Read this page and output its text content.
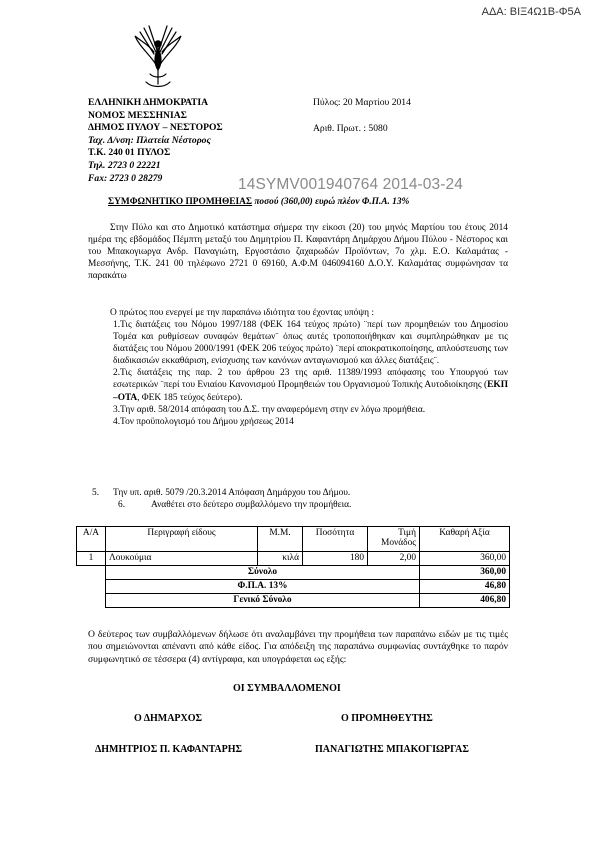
ΑΔΑ: ΒΙΞ4Ω1Β-Φ5Α
ΕΛΛΗΝΙΚΗ ΔΗΜΟΚΡΑΤΙΑ
ΝΟΜΟΣ ΜΕΣΣΗΝΙΑΣ
ΔΗΜΟΣ ΠΥΛΟΥ – ΝΕΣΤΟΡΟΣ
Ταχ. Δ/νση: Πλατεία Νέστορος
Τ.Κ. 240 01 ΠΥΛΟΣ
Τηλ. 2723 0 22221
Fax: 2723 0 28279
Πύλος: 20 Μαρτίου 2014
Αριθ. Πρωτ. : 5080
14SYMV001940764 2014-03-24
ΣΥΜΦΩΝΗΤΙΚΟ ΠΡΟΜΗΘΕΙΑΣ ποσού (360,00) ευρώ πλέον Φ.Π.Α. 13%
Στην Πύλο και στο Δημοτικό κατάστημα σήμερα την είκοσι (20) του μηνός Μαρτίου του έτους 2014 ημέρα της εβδομάδος Πέμπτη μεταξύ του Δημητρίου Π. Καφαντάρη Δημάρχου Δήμου Πύλου - Νέστορος και του Μπακογιωργα Ανδρ. Παναγιώτη, Εργοστάσιο ζαχαρωδών Προϊόντων, 7ο χλμ. Ε.Ο. Καλαμάτας - Μεσσήνης, Τ.Κ. 241 00 τηλέφωνο 2721 0 69160, Α.Φ.Μ 046094160 Δ.Ο.Υ. Καλαμάτας συμφώνησαν τα παρακάτω
Ο πρώτος που ενεργεί με την παραπάνω ιδιότητα του έχοντας υπόψη :
1.Τις διατάξεις του Νόμου 1997/188 (ΦΕΚ 164 τεύχος πρώτο) ¨περί των προμηθειών του Δημοσίου Τομέα και ρυθμίσεων συναφών θεμάτων¨ όπως αυτές τροποποιήθηκαν και συμπληρώθηκαν με τις διατάξεις του Νόμου 2000/1991 (ΦΕΚ 206 τεύχος πρώτο) ¨περί αποκρατικοποίησης, απλούστευσης των διαδικασιών εκκαθάριση, ενίσχυσης των κανόνων ανταγωνισμού και άλλες διατάξεις¨.
2.Τις διατάξεις της παρ. 2 του άρθρου 23 της αριθ. 11389/1993 απόφασης του Υπουργού των εσωτερικών ¨περί του Ενιαίου Κανονισμού Προμηθειών του Οργανισμού Τοπικής Αυτοδιοίκησης (ΕΚΠ –ΟΤΑ, ΦΕΚ 185 τεύχος δεύτερο).
3.Την αριθ. 58/2014 απόφαση του Δ.Σ. την αναφερόμενη στην εν λόγω προμήθεια.
4.Τον προϋπολογισμό του Δήμου χρήσεως 2014
5. Την υπ. αριθ. 5079 /20.3.2014 Απόφαση Δημάρχου του Δήμου.
6.	Αναθέτει στο δεύτερο συμβαλλόμενο την προμήθεια.
Α/Α	Περιγραφή είδους	Μ.Μ.	Ποσότητα	Τιμή Μονάδος	Καθαρή Αξία
1	Λουκούμια	κιλά	180	2,00	360,00
	Σύνολο				360,00
	Φ.Π.Α. 13%				46,80
	Γενικό Σύνολο				406,80
Ο δεύτερος των συμβαλλόμενων δήλωσε ότι αναλαμβάνει την προμήθεια των παραπάνω ειδών με τις τιμές που σημειώνονται απέναντι από κάθε είδος. Για απόδειξη της παραπάνω συμφωνίας συντάχθηκε το παρόν συμφωνητικό σε τέσσερα (4) αντίγραφα, και υπογράφεται ως εξής:
ΟΙ ΣΥΜΒΑΛΛΟΜΕΝΟΙ
Ο ΔΗΜΑΡΧΟΣ	Ο ΠΡΟΜΗΘΕΥΤΗΣ
ΔΗΜΗΤΡΙΟΣ Π. ΚΑΦΑΝΤΑΡΗΣ	ΠΑΝΑΓΙΩΤΗΣ ΜΠΑΚΟΓΙΩΡΓΑΣ
